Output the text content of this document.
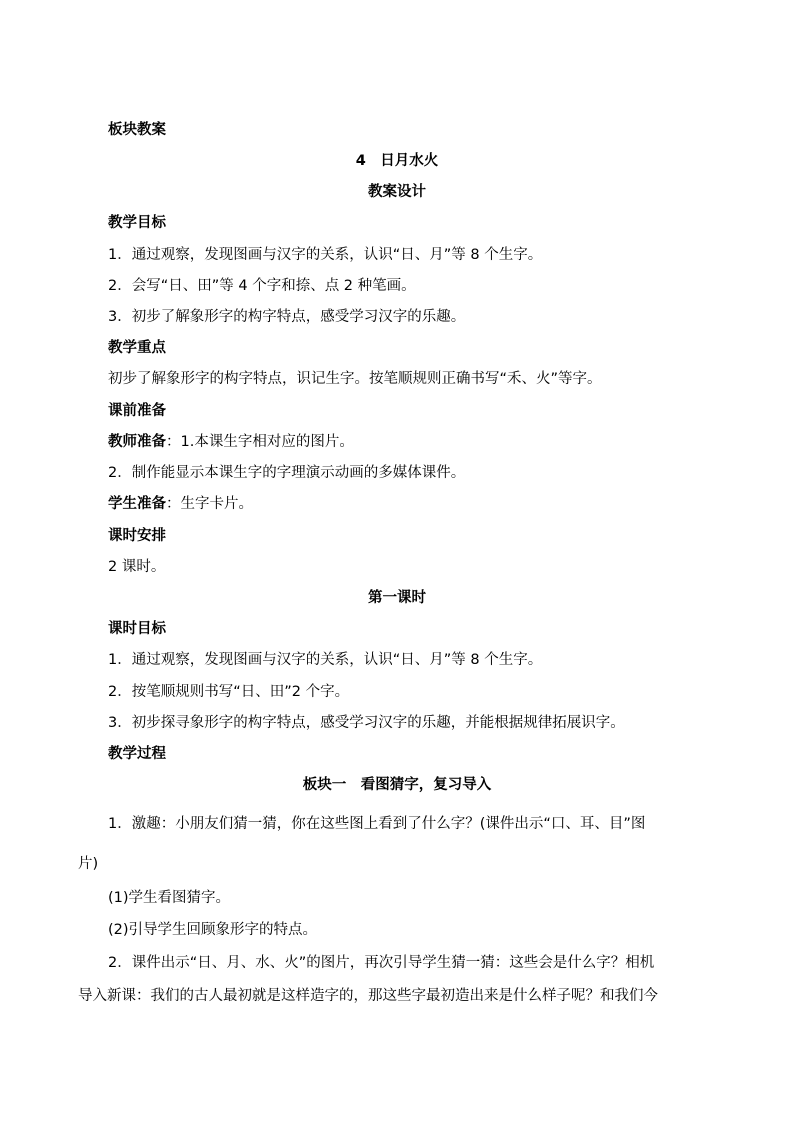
板块教案
4　日月水火
教案设计
教学目标
1．通过观察，发现图画与汉字的关系，认识“日、月”等 8 个生字。
2．会写“日、田”等 4 个字和捺、点 2 种笔画。
3．初步了解象形字的构字特点，感受学习汉字的乐趣。
教学重点
初步了解象形字的构字特点，识记生字。按笔顺规则正确书写“禾、火”等字。
课前准备
教师准备：1.本课生字相对应的图片。
2．制作能显示本课生字的字理演示动画的多媒体课件。
学生准备：生字卡片。
课时安排
2 课时。
第一课时
课时目标
1．通过观察，发现图画与汉字的关系，认识“日、月”等 8 个生字。
2．按笔顺规则书写“日、田”2 个字。
3．初步探寻象形字的构字特点，感受学习汉字的乐趣，并能根据规律拓展识字。
教学过程
板块一　看图猜字，复习导入
1．激趣：小朋友们猜一猜，你在这些图上看到了什么字？(课件出示“口、耳、目”图
片)
(1)学生看图猜字。
(2)引导学生回顾象形字的特点。
2．课件出示“日、月、水、火”的图片，再次引导学生猜一猜：这些会是什么字？相机
导入新课：我们的古人最初就是这样造字的，那这些字最初造出来是什么样子呢？和我们今
